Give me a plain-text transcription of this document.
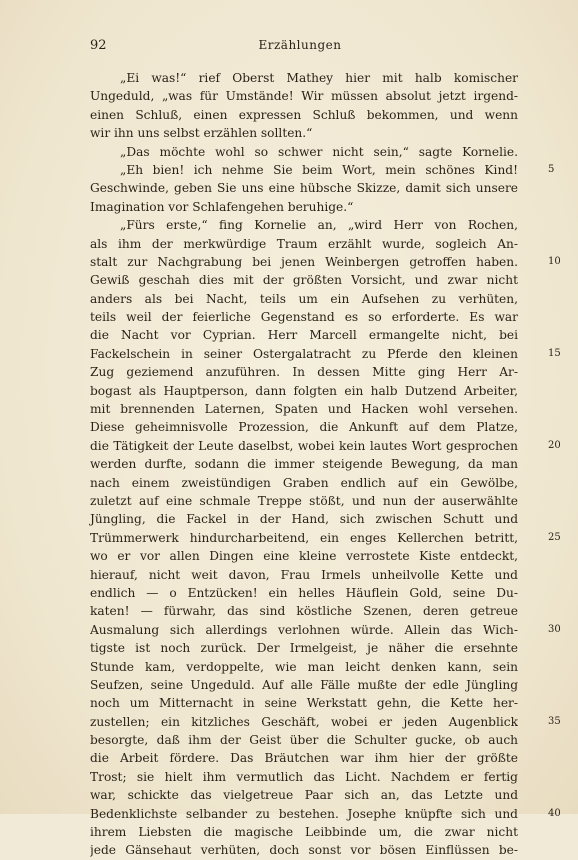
92	Erzählungen
„Ei was!“ rief Oberst Mathey hier mit halb komischer
Ungeduld, „was für Umstände! Wir müssen absolut jetzt irgend-
einen Schluß, einen expressen Schluß bekommen, und wenn
wir ihn uns selbst erzählen sollten.“
„Das möchte wohl so schwer nicht sein,“ sagte Kornelie.
5
„Eh bien! ich nehme Sie beim Wort, mein schönes Kind!
Geschwinde, geben Sie uns eine hübsche Skizze, damit sich unsere
Imagination vor Schlafengehen beruhige.“
„Fürs erste,“ fing Kornelie an, „wird Herr von Rochen,
als ihm der merkwürdige Traum erzählt wurde, sogleich An-
10
stalt zur Nachgrabung bei jenen Weinbergen getroffen haben.
Gewiß geschah dies mit der größten Vorsicht, und zwar nicht
anders als bei Nacht, teils um ein Aufsehen zu verhüten,
teils weil der feierliche Gegenstand es so erforderte. Es war
die Nacht vor Cyprian. Herr Marcell ermangelte nicht, bei
15
Fackelschein in seiner Ostergalatracht zu Pferde den kleinen
Zug geziemend anzuführen. In dessen Mitte ging Herr Ar-
bogast als Hauptperson, dann folgten ein halb Dutzend Arbeiter,
mit brennenden Laternen, Spaten und Hacken wohl versehen.
Diese geheimnisvolle Prozession, die Ankunft auf dem Platze,
20
die Tätigkeit der Leute daselbst, wobei kein lautes Wort gesprochen
werden durfte, sodann die immer steigende Bewegung, da man
nach einem zweistündigen Graben endlich auf ein Gewölbe,
zuletzt auf eine schmale Treppe stößt, und nun der auserwählte
Jüngling, die Fackel in der Hand, sich zwischen Schutt und
25
Trümmerwerk hindurcharbeitend, ein enges Kellerchen betritt,
wo er vor allen Dingen eine kleine verrostete Kiste entdeckt,
hierauf, nicht weit davon, Frau Irmels unheilvolle Kette und
endlich — o Entzücken! ein helles Häuflein Gold, seine Du-
katen! — fürwahr, das sind köstliche Szenen, deren getreue
30
Ausmalung sich allerdings verlohnen würde. Allein das Wich-
tigste ist noch zurück. Der Irmelgeist, je näher die ersehnte
Stunde kam, verdoppelte, wie man leicht denken kann, sein
Seufzen, seine Ungeduld. Auf alle Fälle mußte der edle Jüngling
noch um Mitternacht in seine Werkstatt gehn, die Kette her-
35
zustellen; ein kitzliches Geschäft, wobei er jeden Augenblick
besorgte, daß ihm der Geist über die Schulter gucke, ob auch
die Arbeit fördere. Das Bräutchen war ihm hier der größte
Trost; sie hielt ihm vermutlich das Licht. Nachdem er fertig
war, schickte das vielgetreue Paar sich an, das Letzte und
40
Bedenklichste selbander zu bestehen. Josephe knüpfte sich und
ihrem Liebsten die magische Leibbinde um, die zwar nicht
jede Gänsehaut verhüten, doch sonst vor bösen Einflüssen be-
